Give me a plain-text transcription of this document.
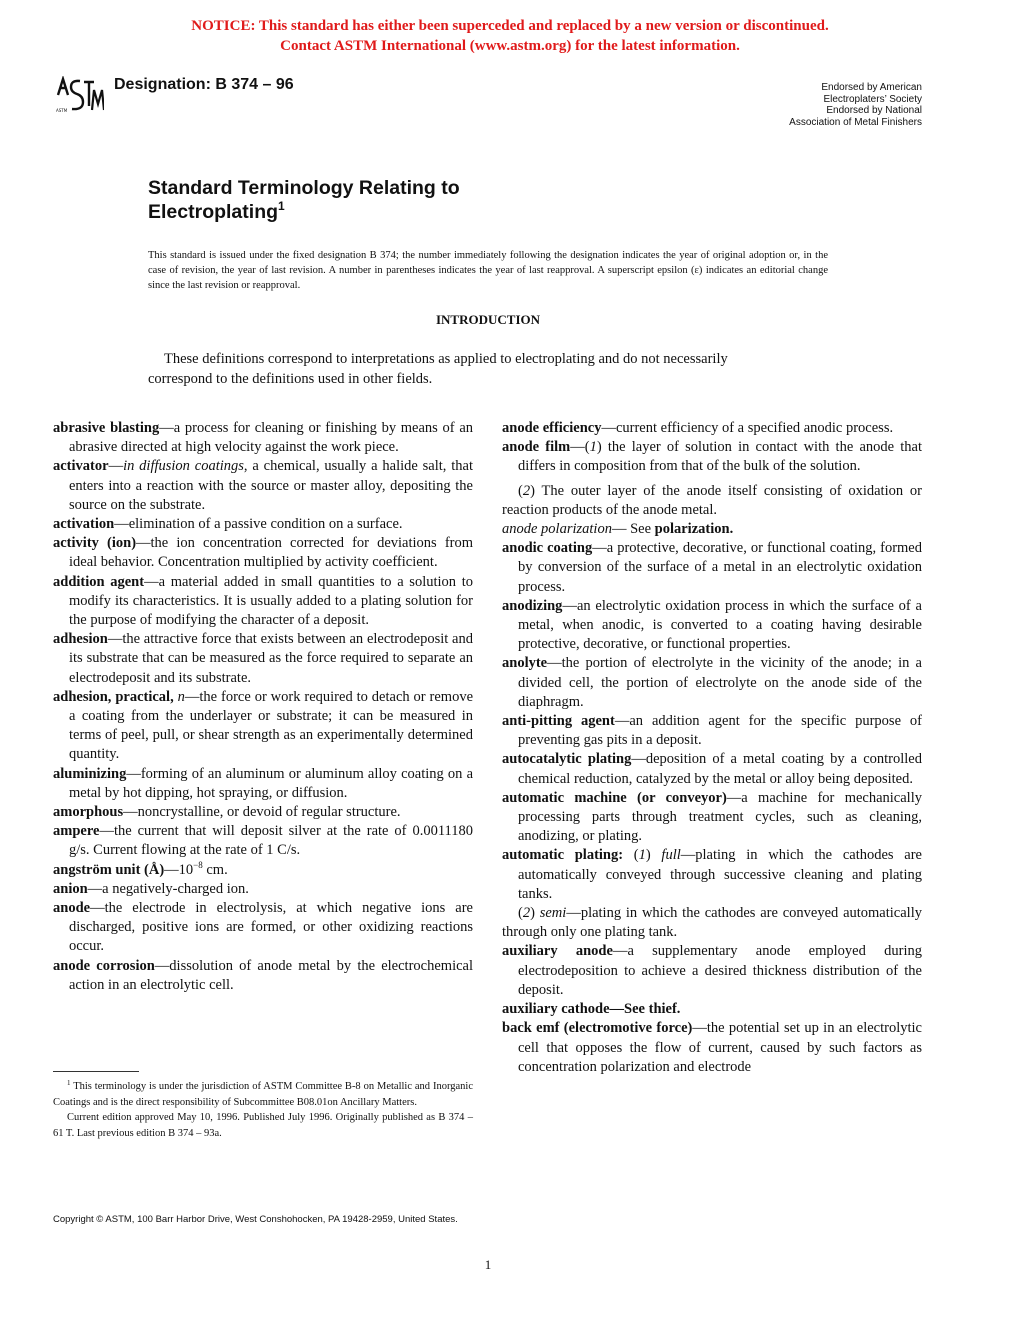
NOTICE: This standard has either been superceded and replaced by a new version or discontinued.
Contact ASTM International (www.astm.org) for the latest information.
ASTM
Designation: B 374 – 96	Endorsed by American
Electroplaters’ Society
Endorsed by National
Association of Metal Finishers
Standard Terminology Relating to
Electroplating$^1$
This standard is issued under the fixed designation B 374; the number immediately following the designation indicates the year of original adoption or, in the case of revision, the year of last revision. A number in parentheses indicates the year of last reapproval. A superscript epsilon (ε) indicates an editorial change since the last revision or reapproval.
INTRODUCTION
These definitions correspond to interpretations as applied to electroplating and do not necessarily
correspond to the definitions used in other fields.

abrasive blasting—a process for cleaning or finishing by means of an abrasive directed at high velocity against the work piece.

activator—in diffusion coatings, a chemical, usually a halide salt, that enters into a reaction with the source or master alloy, depositing the source on the substrate.

activation—elimination of a passive condition on a surface.

activity (ion)—the ion concentration corrected for deviations from ideal behavior. Concentration multiplied by activity coefficient.

addition agent—a material added in small quantities to a solution to modify its characteristics. It is usually added to a plating solution for the purpose of modifying the character of a deposit.

adhesion—the attractive force that exists between an electrodeposit and its substrate that can be measured as the force required to separate an electrodeposit and its substrate.

adhesion, practical, n—the force or work required to detach or remove a coating from the underlayer or substrate; it can be measured in terms of peel, pull, or shear strength as an experimentally determined quantity.

aluminizing—forming of an aluminum or aluminum alloy coating on a metal by hot dipping, hot spraying, or diffusion.

amorphous—noncrystalline, or devoid of regular structure.

ampere—the current that will deposit silver at the rate of 0.0011180 g/s. Current flowing at the rate of 1 C/s.

angström unit $(Å)—10^{-8}$ cm.

anion—a negatively-charged ion.

anode—the electrode in electrolysis, at which negative ions are discharged, positive ions are formed, or other oxidizing reactions occur.

anode corrosion—dissolution of anode metal by the electrochemical action in an electrolytic cell.

anode efficiency—current efficiency of a specified anodic process.

anode film—(1) the layer of solution in contact with the anode that differs in composition from that of the bulk of the solution.

(2) The outer layer of the anode itself consisting of oxidation or reaction products of the anode metal.

anode polarization— See polarization.

anodic coating—a protective, decorative, or functional coating, formed by conversion of the surface of a metal in an electrolytic oxidation process.

anodizing—an electrolytic oxidation process in which the surface of a metal, when anodic, is converted to a coating having desirable protective, decorative, or functional properties.

anolyte—the portion of electrolyte in the vicinity of the anode; in a divided cell, the portion of electrolyte on the anode side of the diaphragm.

anti-pitting agent—an addition agent for the specific purpose of preventing gas pits in a deposit.

autocatalytic plating—deposition of a metal coating by a controlled chemical reduction, catalyzed by the metal or alloy being deposited.

automatic machine (or conveyor)—a machine for mechanically processing parts through treatment cycles, such as cleaning, anodizing, or plating.

automatic plating: (1) full—plating in which the cathodes are automatically conveyed through successive cleaning and plating tanks.

(2) semi—plating in which the cathodes are conveyed automatically through only one plating tank.

auxiliary anode—a supplementary anode employed during electrodeposition to achieve a desired thickness distribution of the deposit.

auxiliary cathode—See thief.

back emf (electromotive force)—the potential set up in an electrolytic cell that opposes the flow of current, caused by such factors as concentration polarization and electrode

$^1$ This terminology is under the jurisdiction of ASTM Committee B-8 on Metallic and Inorganic Coatings and is the direct responsibility of Subcommittee B08.01on Ancillary Matters.

Current edition approved May 10, 1996. Published July 1996. Originally published as B 374 – 61 T. Last previous edition B 374 – 93a.

Copyright © ASTM, 100 Barr Harbor Drive, West Conshohocken, PA 19428-2959, United States.
1
